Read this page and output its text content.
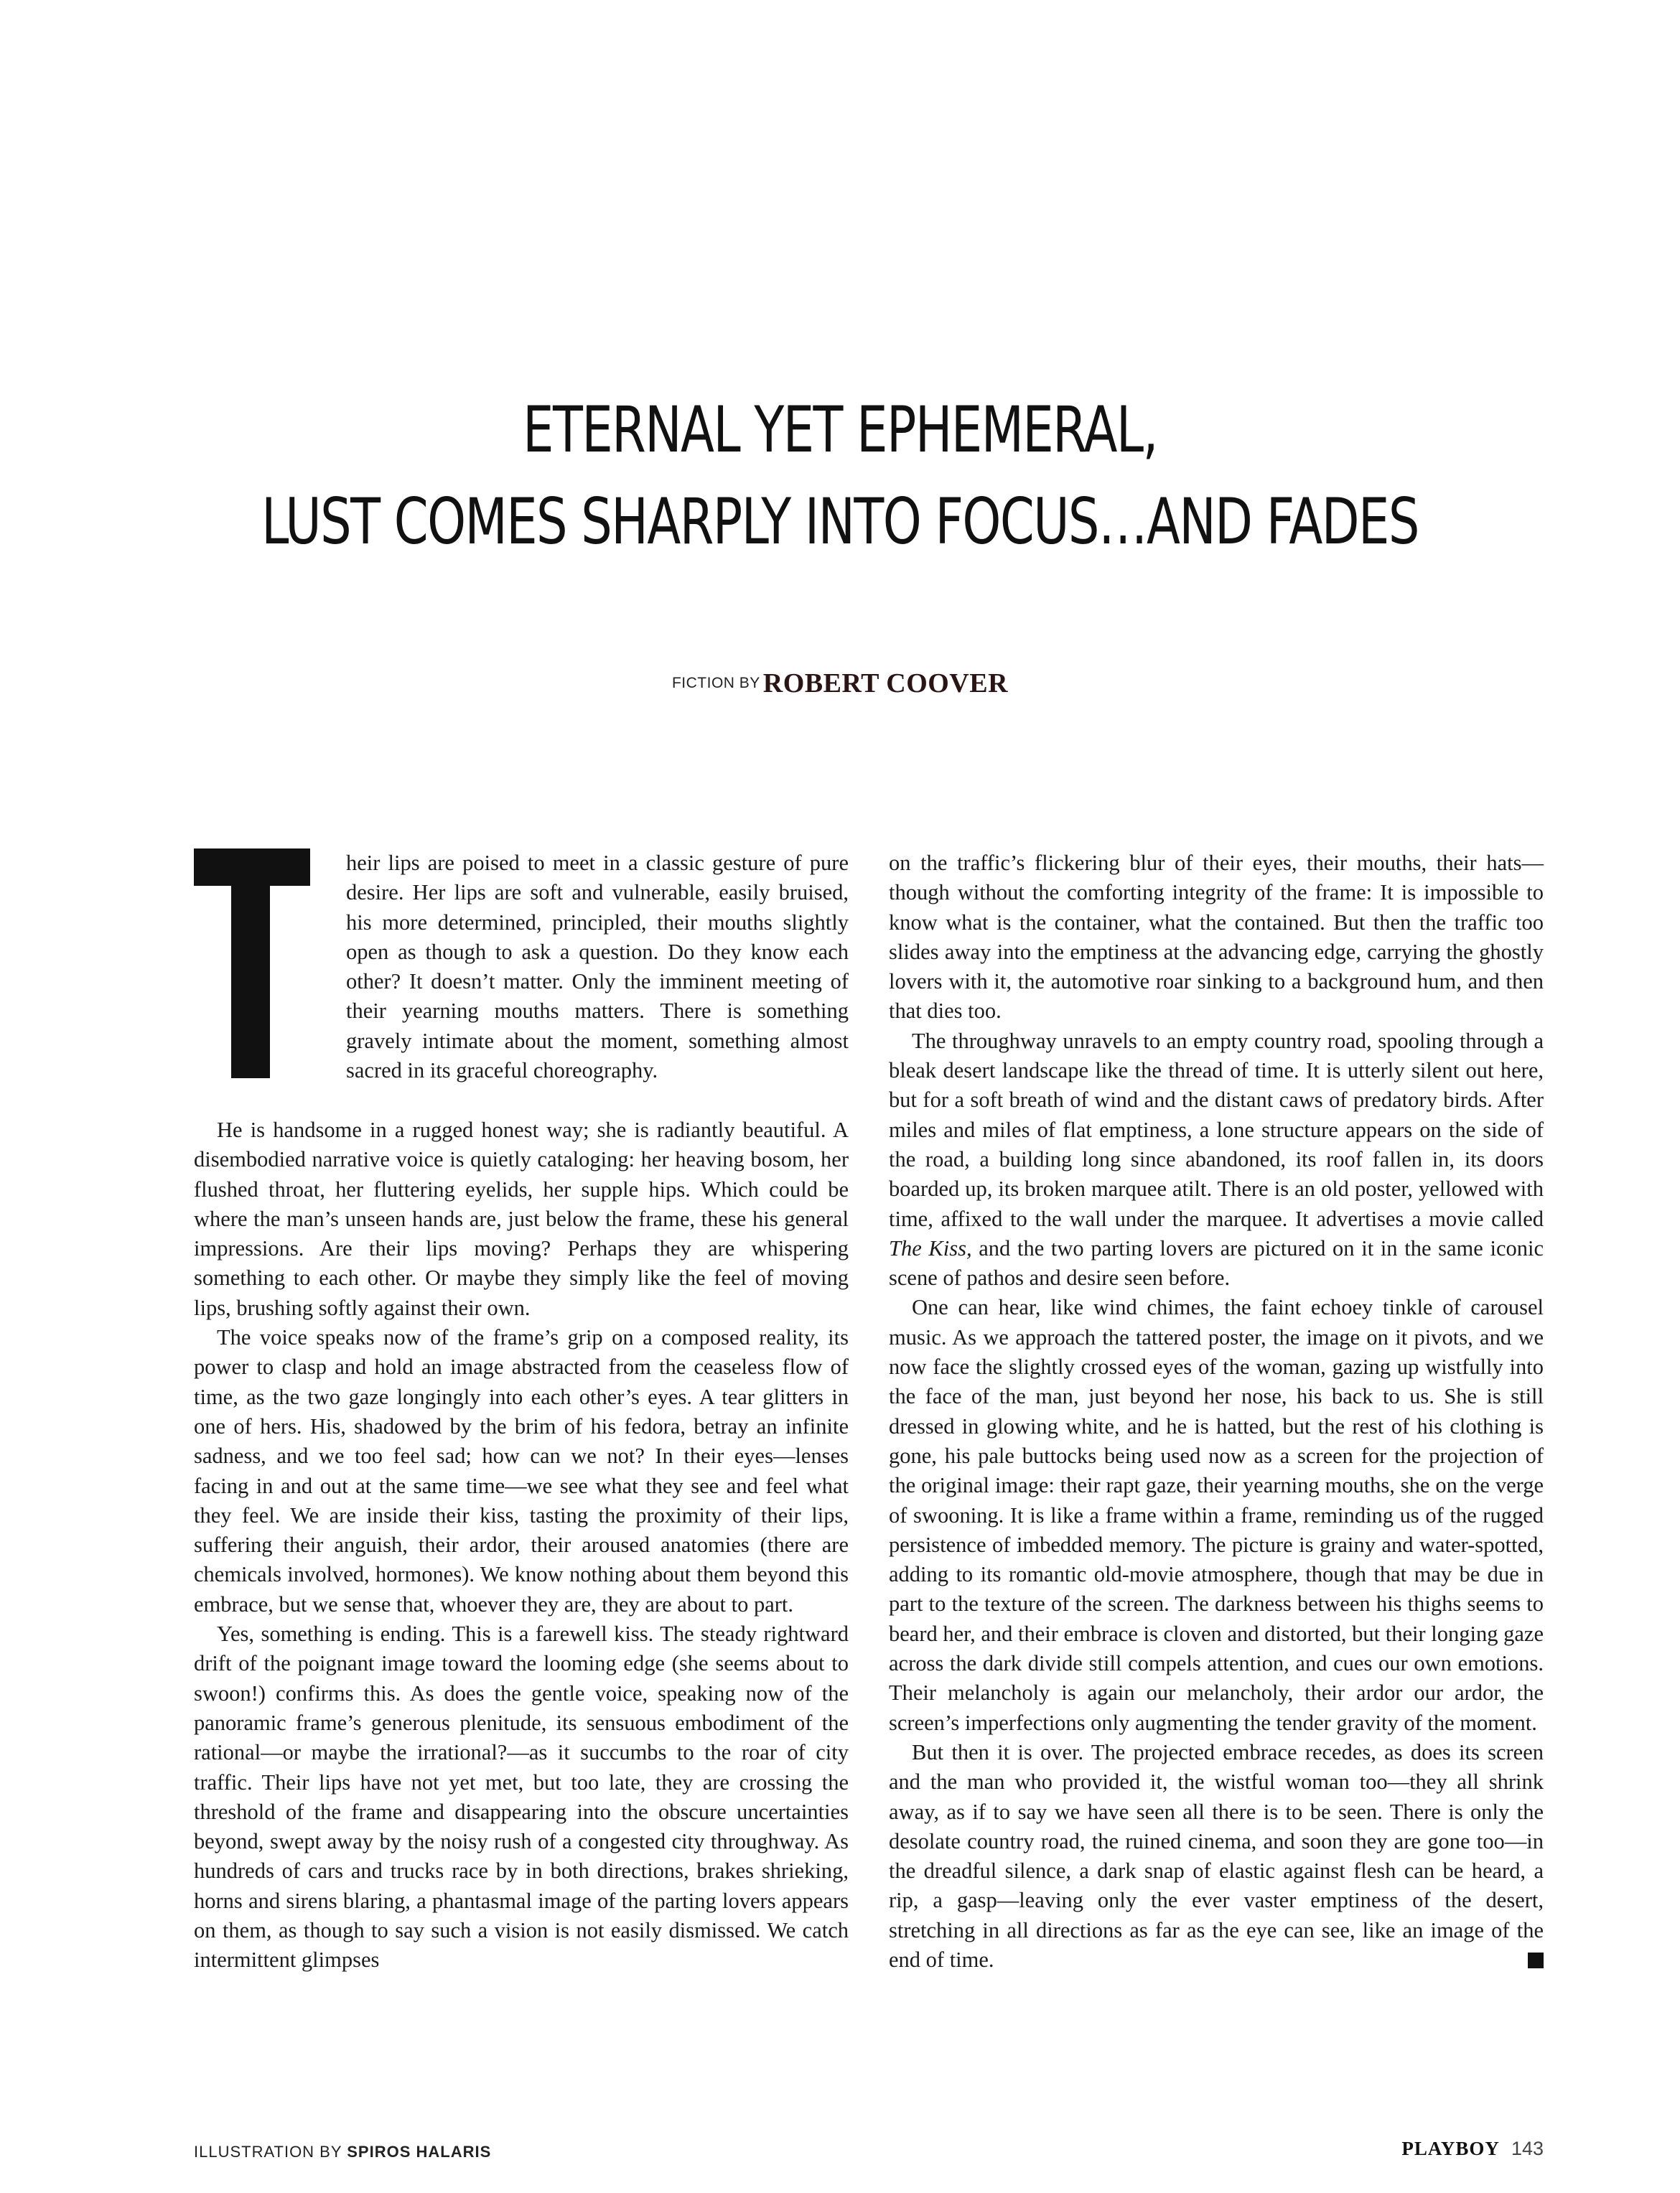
ETERNAL YET EPHEMERAL,
LUST COMES SHARPLY INTO FOCUS…AND FADES
FICTION BY ROBERT COOVER

heir lips are poised to meet in a classic gesture of pure desire. Her lips are soft and vulnerable, easily bruised, his more determined, principled, their mouths slightly open as though to ask a question. Do they know each other? It doesn’t matter. Only the imminent meeting of their yearning mouths matters. There is something gravely intimate about the moment, something almost sacred in its graceful choreography.

He is handsome in a rugged honest way; she is radiantly beautiful. A disembodied narrative voice is quietly cataloging: her heaving bosom, her flushed throat, her fluttering eyelids, her supple hips. Which could be where the man’s unseen hands are, just below the frame, these his general impressions. Are their lips moving? Perhaps they are whispering something to each other. Or maybe they simply like the feel of moving lips, brushing softly against their own.

The voice speaks now of the frame’s grip on a composed reality, its power to clasp and hold an image abstracted from the ceaseless flow of time, as the two gaze longingly into each other’s eyes. A tear glitters in one of hers. His, shadowed by the brim of his fedora, betray an infinite sadness, and we too feel sad; how can we not? In their eyes—lenses facing in and out at the same time—we see what they see and feel what they feel. We are inside their kiss, tasting the proximity of their lips, suffering their anguish, their ardor, their aroused anatomies (there are chemicals involved, hormones). We know nothing about them beyond this embrace, but we sense that, whoever they are, they are about to part.

Yes, something is ending. This is a farewell kiss. The steady rightward drift of the poignant image toward the looming edge (she seems about to swoon!) confirms this. As does the gentle voice, speaking now of the panoramic frame’s generous plenitude, its sensuous embodiment of the rational—or maybe the irrational?—as it succumbs to the roar of city traffic. Their lips have not yet met, but too late, they are crossing the threshold of the frame and disappearing into the obscure uncertainties beyond, swept away by the noisy rush of a congested city throughway. As hundreds of cars and trucks race by in both directions, brakes shrieking, horns and sirens blaring, a phantasmal image of the parting lovers appears on them, as though to say such a vision is not easily dismissed. We catch intermittent glimpses

on the traffic’s flickering blur of their eyes, their mouths, their hats—though without the comforting integrity of the frame: It is impossible to know what is the container, what the contained. But then the traffic too slides away into the emptiness at the advancing edge, carrying the ghostly lovers with it, the automotive roar sinking to a background hum, and then that dies too.

The throughway unravels to an empty country road, spooling through a bleak desert landscape like the thread of time. It is utterly silent out here, but for a soft breath of wind and the distant caws of predatory birds. After miles and miles of flat emptiness, a lone structure appears on the side of the road, a building long since abandoned, its roof fallen in, its doors boarded up, its broken marquee atilt. There is an old poster, yellowed with time, affixed to the wall under the marquee. It advertises a movie called The Kiss, and the two parting lovers are pictured on it in the same iconic scene of pathos and desire seen before.

One can hear, like wind chimes, the faint echoey tinkle of carousel music. As we approach the tattered poster, the image on it pivots, and we now face the slightly crossed eyes of the woman, gazing up wistfully into the face of the man, just beyond her nose, his back to us. She is still dressed in glowing white, and he is hatted, but the rest of his clothing is gone, his pale buttocks being used now as a screen for the projection of the original image: their rapt gaze, their yearning mouths, she on the verge of swooning. It is like a frame within a frame, reminding us of the rugged persistence of imbedded memory. The picture is grainy and water-spotted, adding to its romantic old-movie atmosphere, though that may be due in part to the texture of the screen. The darkness between his thighs seems to beard her, and their embrace is cloven and distorted, but their longing gaze across the dark divide still compels attention, and cues our own emotions. Their melancholy is again our melancholy, their ardor our ardor, the screen’s imperfections only augmenting the tender gravity of the moment.

But then it is over. The projected embrace recedes, as does its screen and the man who provided it, the wistful woman too—they all shrink away, as if to say we have seen all there is to be seen. There is only the desolate country road, the ruined cinema, and soon they are gone too—in the dreadful silence, a dark snap of elastic against flesh can be heard, a rip, a gasp—leaving only the ever vaster emptiness of the desert, stretching in all directions as far as the eye can see, like an image of the end of time.

ILLUSTRATION BY SPIROS HALARIS	PLAYBOY 143
